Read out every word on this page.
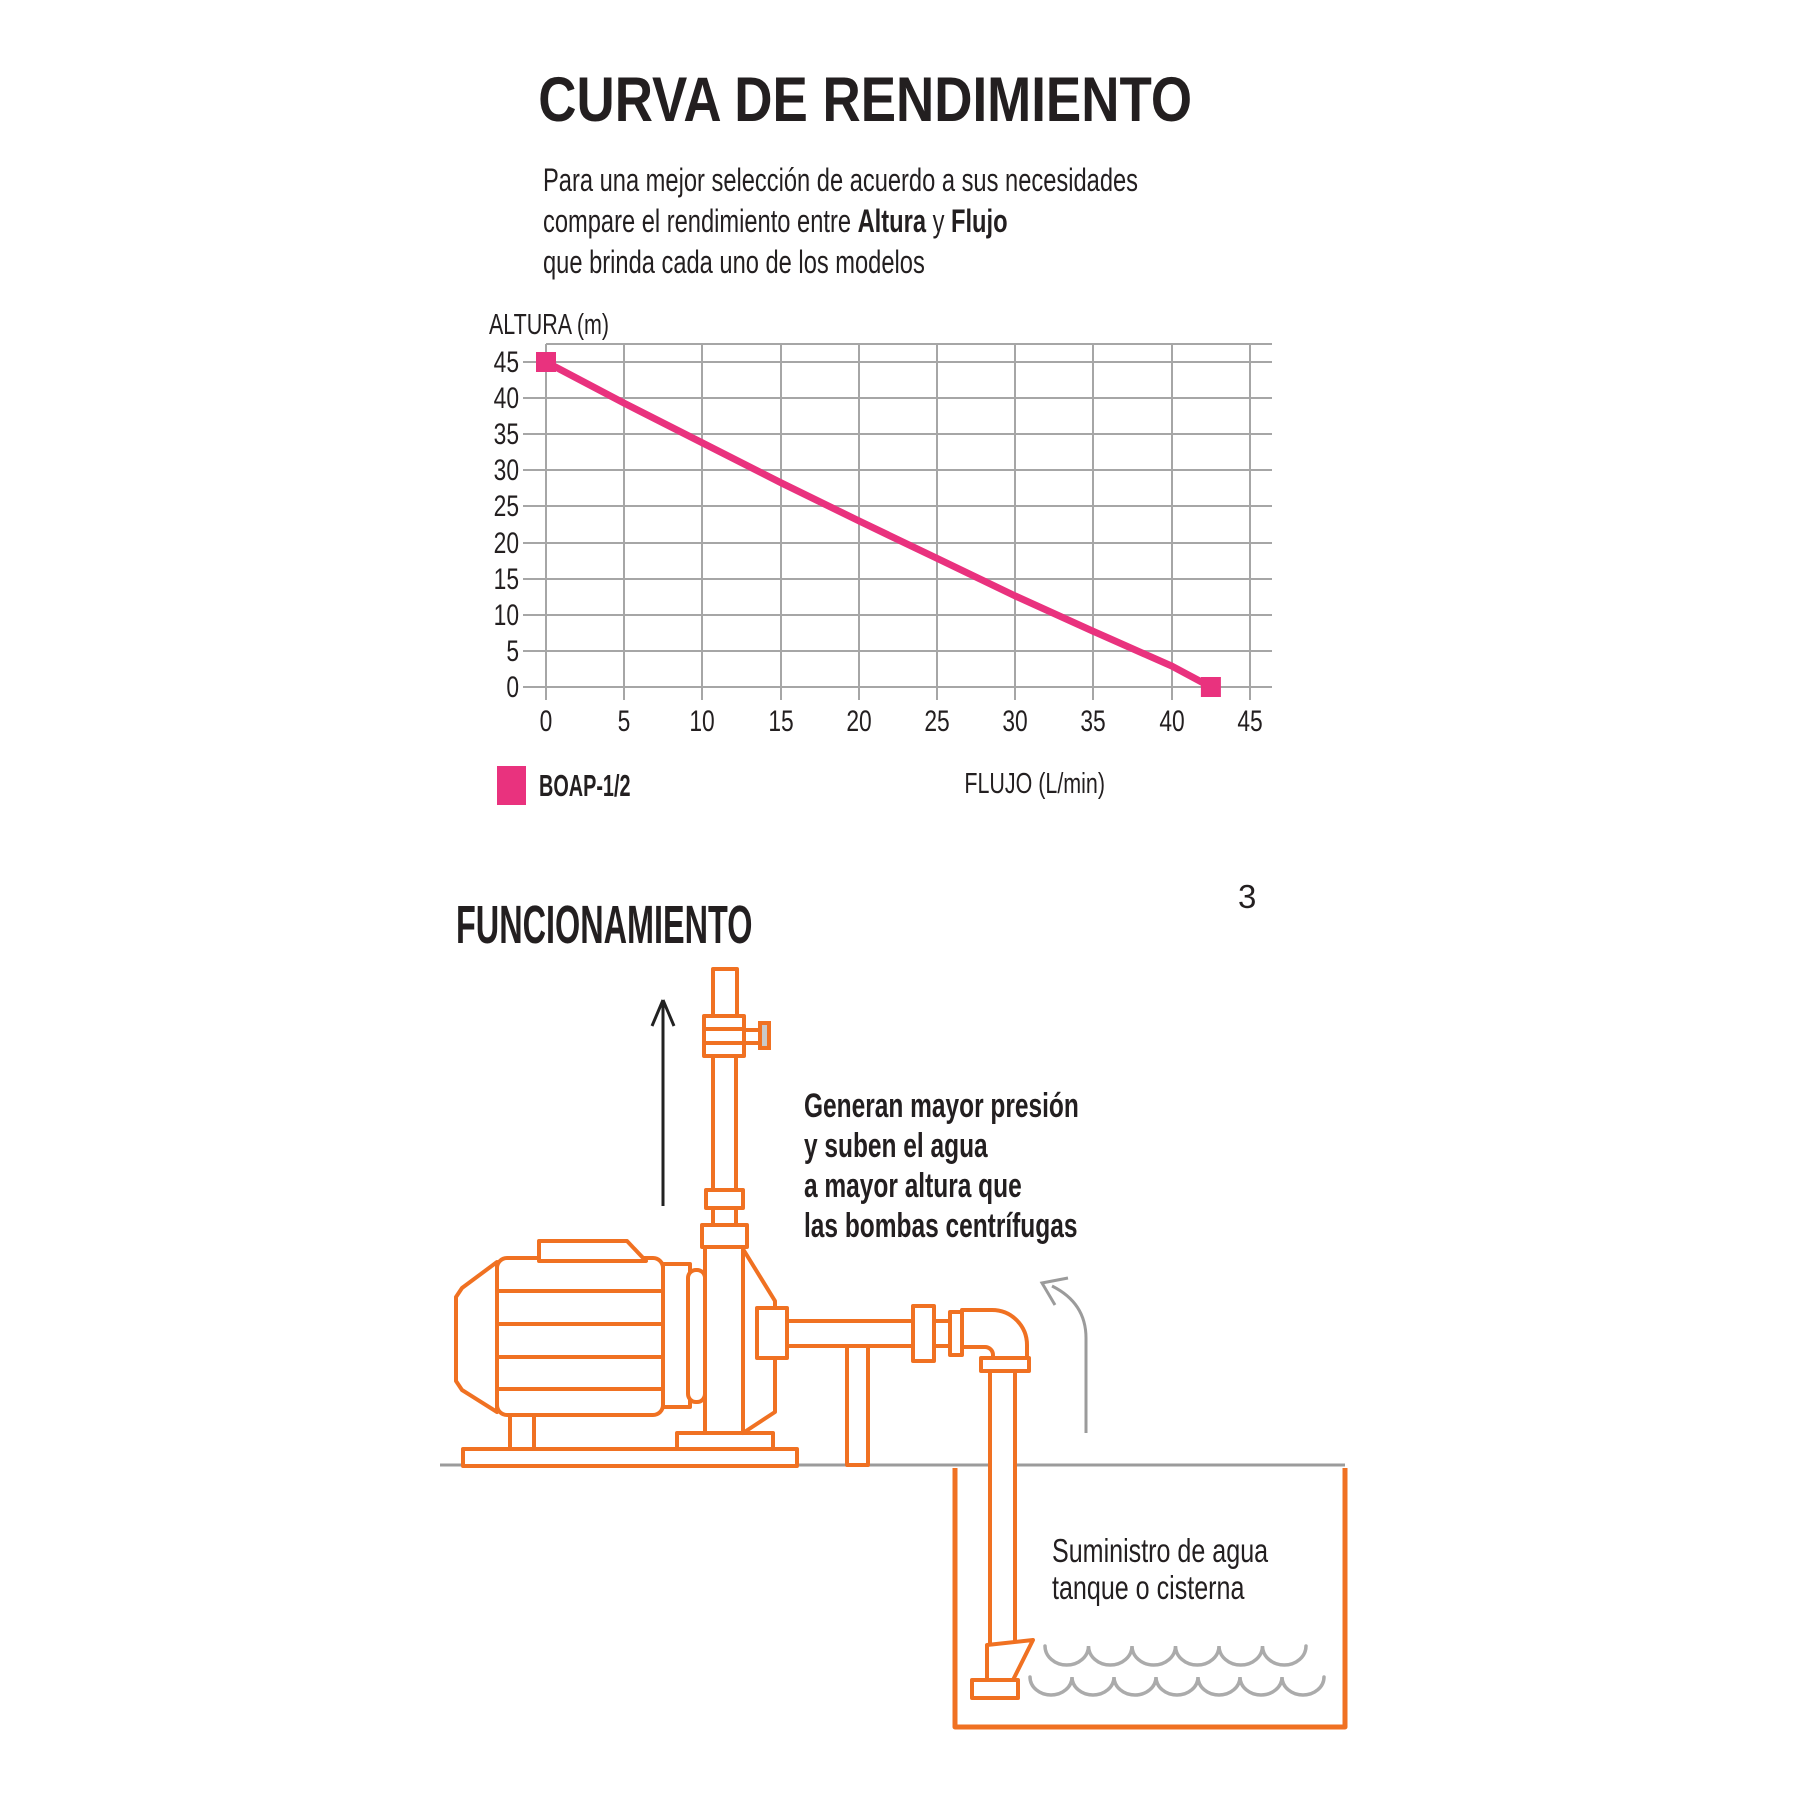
CURVA DE RENDIMIENTO
Para una mejor selección de acuerdo a sus necesidades
compare el rendimiento entre Altura y Flujo
que brinda cada uno de los modelos
ALTURA (m)
45
40
35
30
25
20
15
10
5
0
0 5 10 15 20 25 30 35 40 45
FLUJO (L/min)
BOAP-1/2
3
FUNCIONAMIENTO
Generan mayor presión
y suben el agua
a mayor altura que
las bombas centrífugas
Suministro de agua
tanque o cisterna
